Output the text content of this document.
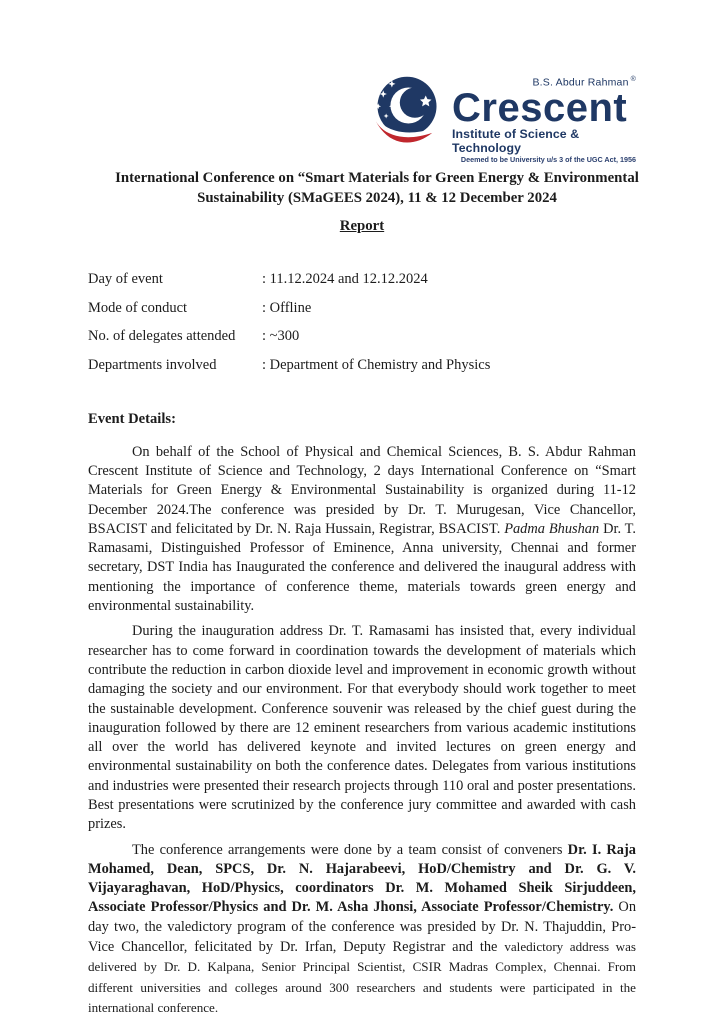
B.S. Abdur Rahman ®
Crescent
Institute of Science & Technology
Deemed to be University u/s 3 of the UGC Act, 1956
International Conference on “Smart Materials for Green Energy & Environmental Sustainability (SMaGEES 2024), 11 & 12 December 2024
Report
Day of event	: 11.12.2024 and 12.12.2024
Mode of conduct	: Offline
No. of delegates attended	: ~300
Departments involved	: Department of Chemistry and Physics
Event Details:

On behalf of the School of Physical and Chemical Sciences, B. S. Abdur Rahman Crescent Institute of Science and Technology, 2 days International Conference on “Smart Materials for Green Energy & Environmental Sustainability is organized during 11-12 December 2024.The conference was presided by Dr. T. Murugesan, Vice Chancellor, BSACIST and felicitated by Dr. N. Raja Hussain, Registrar, BSACIST. Padma Bhushan Dr. T. Ramasami, Distinguished Professor of Eminence, Anna university, Chennai and former secretary, DST India has Inaugurated the conference and delivered the inaugural address with mentioning the importance of conference theme, materials towards green energy and environmental sustainability.

During the inauguration address Dr. T. Ramasami has insisted that, every individual researcher has to come forward in coordination towards the development of materials which contribute the reduction in carbon dioxide level and improvement in economic growth without damaging the society and our environment. For that everybody should work together to meet the sustainable development. Conference souvenir was released by the chief guest during the inauguration followed by there are 12 eminent researchers from various academic institutions all over the world has delivered keynote and invited lectures on green energy and environmental sustainability on both the conference dates. Delegates from various institutions and industries were presented their research projects through 110 oral and poster presentations. Best presentations were scrutinized by the conference jury committee and awarded with cash prizes.

The conference arrangements were done by a team consist of conveners Dr. I. Raja Mohamed, Dean, SPCS, Dr. N. Hajarabeevi, HoD/Chemistry and Dr. G. V. Vijayaraghavan, HoD/Physics, coordinators Dr. M. Mohamed Sheik Sirjuddeen, Associate Professor/Physics and Dr. M. Asha Jhonsi, Associate Professor/Chemistry. On day two, the valedictory program of the conference was presided by Dr. N. Thajuddin, Pro-Vice Chancellor, felicitated by Dr. Irfan, Deputy Registrar and the valedictory address was delivered by Dr. D. Kalpana, Senior Principal Scientist, CSIR Madras Complex, Chennai. From different universities and colleges around 300 researchers and students were participated in the international conference.
